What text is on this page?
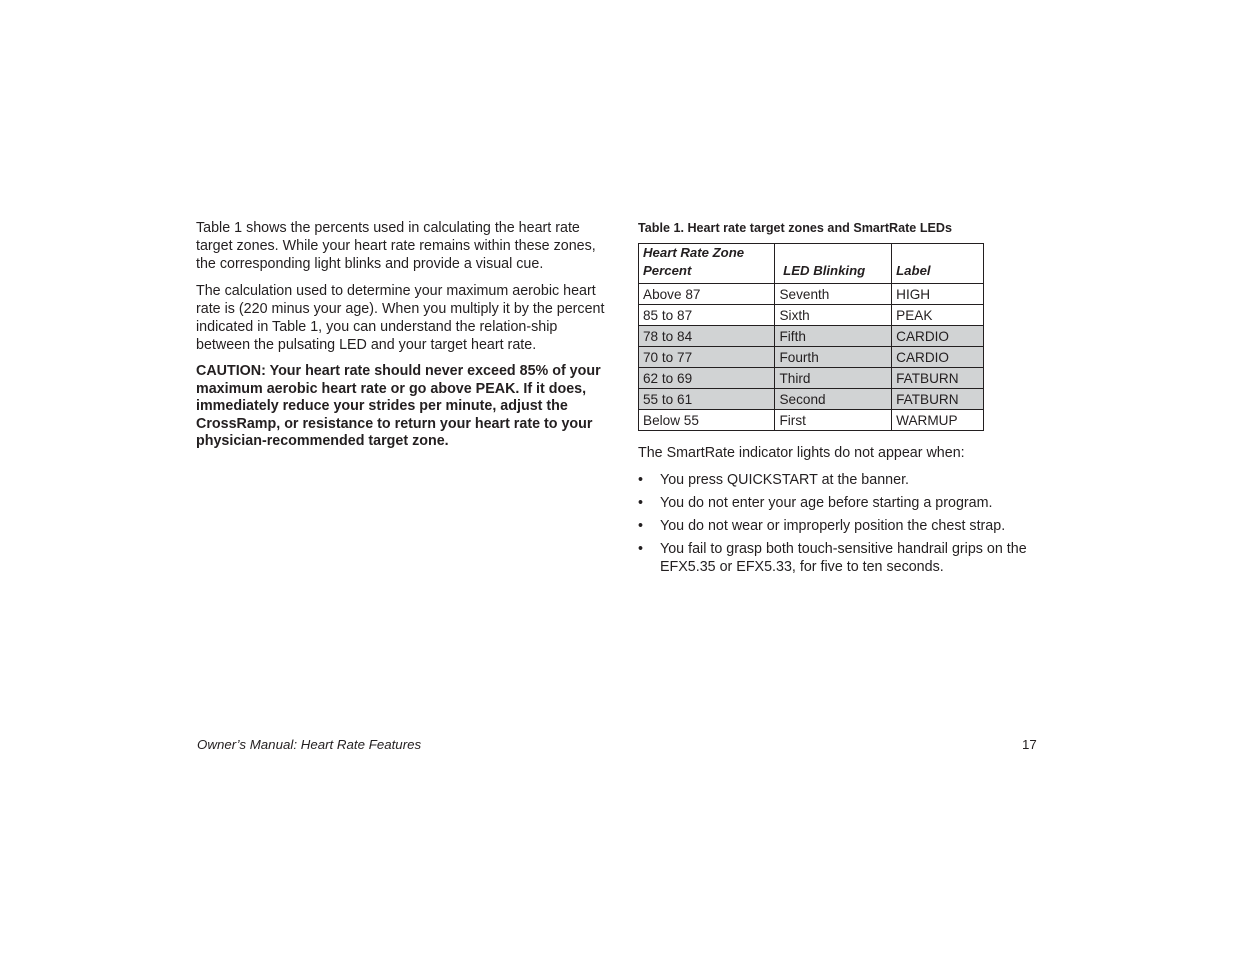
Table 1 shows the percents used in calculating the heart rate target zones. While your heart rate remains within these zones, the corresponding light blinks and provide a visual cue.

The calculation used to determine your maximum aerobic heart rate is (220 minus your age). When you multiply it by the percent indicated in Table 1, you can understand the relation-ship between the pulsating LED and your target heart rate.

CAUTION: Your heart rate should never exceed 85% of your maximum aerobic heart rate or go above PEAK. If it does, immediately reduce your strides per minute, adjust the CrossRamp, or resistance to return your heart rate to your physician-recommended target zone.

Table 1. Heart rate target zones and SmartRate LEDs
Heart Rate Zone
Percent	LED Blinking	Label
Above 87	Seventh	HIGH
85 to 87	Sixth	PEAK
78 to 84	Fifth	CARDIO
70 to 77	Fourth	CARDIO
62 to 69	Third	FATBURN
55 to 61	Second	FATBURN
Below 55	First	WARMUP

The SmartRate indicator lights do not appear when:

• You press QUICKSTART at the banner.
• You do not enter your age before starting a program.
• You do not wear or improperly position the chest strap.
• You fail to grasp both touch-sensitive handrail grips on the EFX5.35 or EFX5.33, for five to ten seconds.
Owner’s Manual: Heart Rate Features	17
